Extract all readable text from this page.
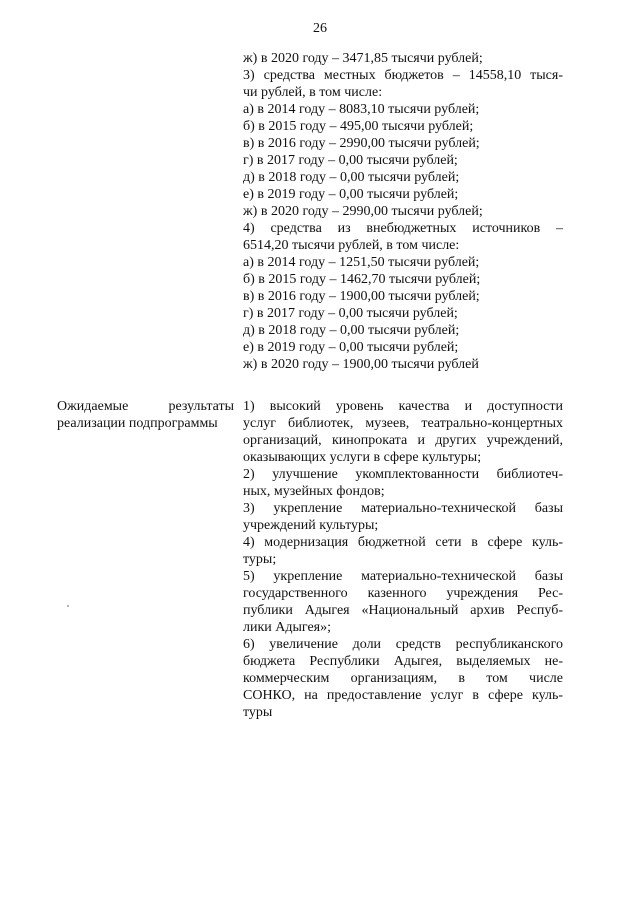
26
ж) в 2020 году – 3471,85 тысячи рублей;
3) средства местных бюджетов – 14558,10 тыся-
чи рублей, в том числе:
а) в 2014 году – 8083,10 тысячи рублей;
б) в 2015 году – 495,00 тысячи рублей;
в) в 2016 году – 2990,00 тысячи рублей;
г) в 2017 году – 0,00 тысячи рублей;
д) в 2018 году – 0,00 тысячи рублей;
е) в 2019 году – 0,00 тысячи рублей;
ж) в 2020 году – 2990,00 тысячи рублей;
4) средства из внебюджетных источников –
6514,20 тысячи рублей, в том числе:
а) в 2014 году – 1251,50 тысячи рублей;
б) в 2015 году – 1462,70 тысячи рублей;
в) в 2016 году – 1900,00 тысячи рублей;
г) в 2017 году – 0,00 тысячи рублей;
д) в 2018 году – 0,00 тысячи рублей;
е) в 2019 году – 0,00 тысячи рублей;
ж) в 2020 году – 1900,00 тысячи рублей
Ожидаемые результаты
реализации подпрограммы
1) высокий уровень качества и доступности
услуг библиотек, музеев, театрально-концертных
организаций, кинопроката и других учреждений,
оказывающих услуги в сфере культуры;
2) улучшение укомплектованности библиотеч-
ных, музейных фондов;
3) укрепление материально-технической базы
учреждений культуры;
4) модернизация бюджетной сети в сфере куль-
туры;
5) укрепление материально-технической базы
государственного казенного учреждения Рес-
публики Адыгея «Национальный архив Респуб-
лики Адыгея»;
6) увеличение доли средств республиканского
бюджета Республики Адыгея, выделяемых не-
коммерческим организациям, в том числе
СОНКО, на предоставление услуг в сфере куль-
туры
